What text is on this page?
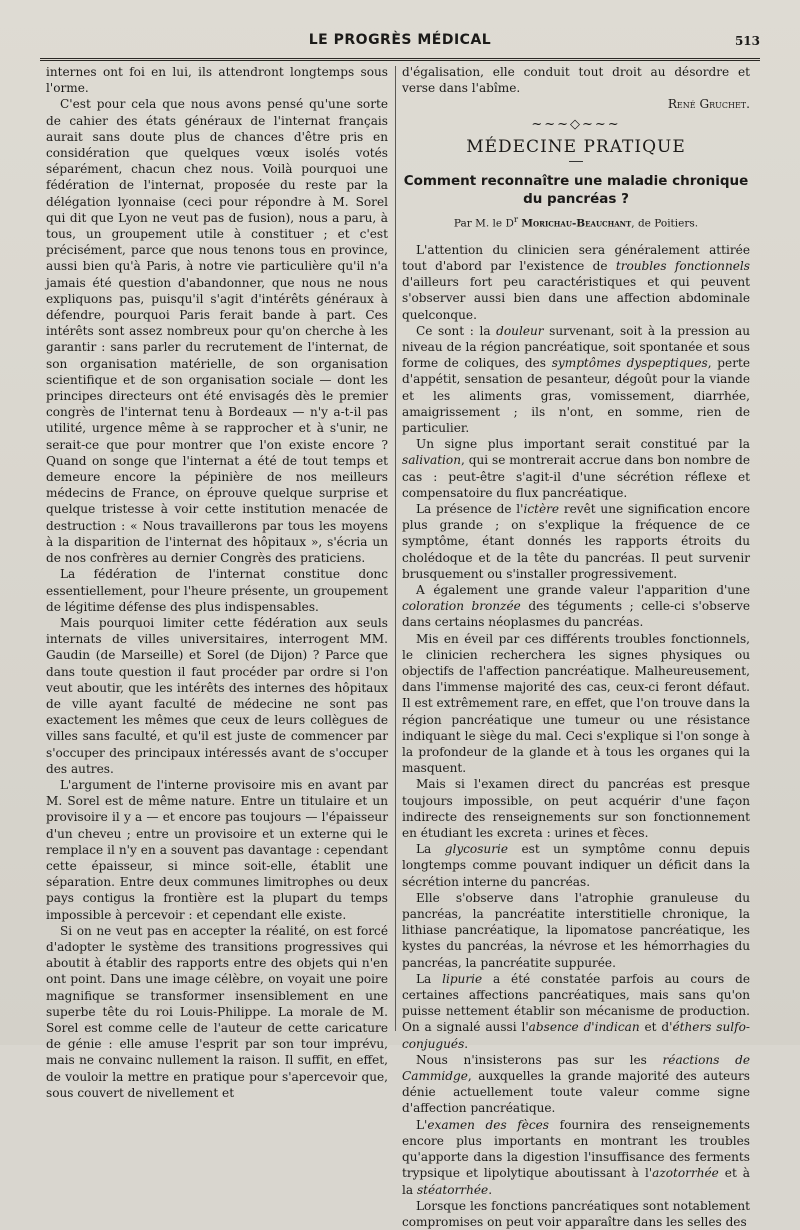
LE PROGRÈS MÉDICAL	513

internes ont foi en lui, ils attendront longtemps sous l'orme.

C'est pour cela que nous avons pensé qu'une sorte de cahier des états généraux de l'internat français aurait sans doute plus de chances d'être pris en considération que quelques vœux isolés votés séparément, chacun chez nous. Voilà pourquoi une fédération de l'internat, proposée du reste par la délégation lyonnaise (ceci pour répondre à M. Sorel qui dit que Lyon ne veut pas de fusion), nous a paru, à tous, un groupement utile à constituer ; et c'est précisément, parce que nous tenons tous en province, aussi bien qu'à Paris, à notre vie particulière qu'il n'a jamais été question d'abandonner, que nous ne nous expliquons pas, puisqu'il s'agit d'intérêts généraux à défendre, pourquoi Paris ferait bande à part. Ces intérêts sont assez nombreux pour qu'on cherche à les garantir : sans parler du recrutement de l'internat, de son organisation matérielle, de son organisation scientifique et de son organisation sociale — dont les principes directeurs ont été envisagés dès le premier congrès de l'internat tenu à Bordeaux — n'y a-t-il pas utilité, urgence même à se rapprocher et à s'unir, ne serait-ce que pour montrer que l'on existe encore ? Quand on songe que l'internat a été de tout temps et demeure encore la pépinière de nos meilleurs médecins de France, on éprouve quelque surprise et quelque tristesse à voir cette institution menacée de destruction : « Nous travaillerons par tous les moyens à la disparition de l'internat des hôpitaux », s'écria un de nos confrères au dernier Congrès des praticiens.

La fédération de l'internat constitue donc essentiellement, pour l'heure présente, un groupement de légitime défense des plus indispensables.

Mais pourquoi limiter cette fédération aux seuls internats de villes universitaires, interrogent MM. Gaudin (de Marseille) et Sorel (de Dijon) ? Parce que dans toute question il faut procéder par ordre si l'on veut aboutir, que les intérêts des internes des hôpitaux de ville ayant faculté de médecine ne sont pas exactement les mêmes que ceux de leurs collègues de villes sans faculté, et qu'il est juste de commencer par s'occuper des principaux intéressés avant de s'occuper des autres.

L'argument de l'interne provisoire mis en avant par M. Sorel est de même nature. Entre un titulaire et un provisoire il y a — et encore pas toujours — l'épaisseur d'un cheveu ; entre un provisoire et un externe qui le remplace il n'y en a souvent pas davantage : cependant cette épaisseur, si mince soit-elle, établit une séparation. Entre deux communes limitrophes ou deux pays contigus la frontière est la plupart du temps impossible à percevoir : et cependant elle existe.

Si on ne veut pas en accepter la réalité, on est forcé d'adopter le système des transitions progressives qui aboutit à établir des rapports entre des objets qui n'en ont point. Dans une image célèbre, on voyait une poire magnifique se transformer insensiblement en une superbe tête du roi Louis-Philippe. La morale de M. Sorel est comme celle de l'auteur de cette caricature de génie : elle amuse l'esprit par son tour imprévu, mais ne convainc nullement la raison. Il suffit, en effet, de vouloir la mettre en pratique pour s'apercevoir que, sous couvert de nivellement et

d'égalisation, elle conduit tout droit au désordre et verse dans l'abîme.

René Gruchet.
~~~◇~~~
MÉDECINE PRATIQUE
Comment reconnaître une maladie chronique du pancréas ?
Par M. le $D^r$ Morichau-Beauchant, de Poitiers.

L'attention du clinicien sera généralement attirée tout d'abord par l'existence de troubles fonctionnels d'ailleurs fort peu caractéristiques et qui peuvent s'observer aussi bien dans une affection abdominale quelconque.

Ce sont : la douleur survenant, soit à la pression au niveau de la région pancréatique, soit spontanée et sous forme de coliques, des symptômes dyspeptiques, perte d'appétit, sensation de pesanteur, dégoût pour la viande et les aliments gras, vomissement, diarrhée, amaigrissement ; ils n'ont, en somme, rien de particulier.

Un signe plus important serait constitué par la salivation, qui se montrerait accrue dans bon nombre de cas : peut-être s'agit-il d'une sécrétion réflexe et compensatoire du flux pancréatique.

La présence de l'ictère revêt une signification encore plus grande ; on s'explique la fréquence de ce symptôme, étant donnés les rapports étroits du cholédoque et de la tête du pancréas. Il peut survenir brusquement ou s'installer progressivement.

A également une grande valeur l'apparition d'une coloration bronzée des téguments ; celle-ci s'observe dans certains néoplasmes du pancréas.

Mis en éveil par ces différents troubles fonctionnels, le clinicien recherchera les signes physiques ou objectifs de l'affection pancréatique. Malheureusement, dans l'immense majorité des cas, ceux-ci feront défaut. Il est extrêmement rare, en effet, que l'on trouve dans la région pancréatique une tumeur ou une résistance indiquant le siège du mal. Ceci s'explique si l'on songe à la profondeur de la glande et à tous les organes qui la masquent.

Mais si l'examen direct du pancréas est presque toujours impossible, on peut acquérir d'une façon indirecte des renseignements sur son fonctionnement en étudiant les excreta : urines et fèces.

La glycosurie est un symptôme connu depuis longtemps comme pouvant indiquer un déficit dans la sécrétion interne du pancréas.

Elle s'observe dans l'atrophie granuleuse du pancréas, la pancréatite interstitielle chronique, la lithiase pancréatique, la lipomatose pancréatique, les kystes du pancréas, la névrose et les hémorrhagies du pancréas, la pancréatite suppurée.

La lipurie a été constatée parfois au cours de certaines affections pancréatiques, mais sans qu'on puisse nettement établir son mécanisme de production. On a signalé aussi l'absence d'indican et d'éthers sulfo-conjugués.

Nous n'insisterons pas sur les réactions de Cammidge, auxquelles la grande majorité des auteurs dénie actuellement toute valeur comme signe d'affection pancréatique.

L'examen des fèces fournira des renseignements encore plus importants en montrant les troubles qu'apporte dans la digestion l'insuffisance des ferments trypsique et lipolytique aboutissant à l'azotorrhée et à la stéatorrhée.

Lorsque les fonctions pancréatiques sont notablement compromises on peut voir apparaître dans les selles des
